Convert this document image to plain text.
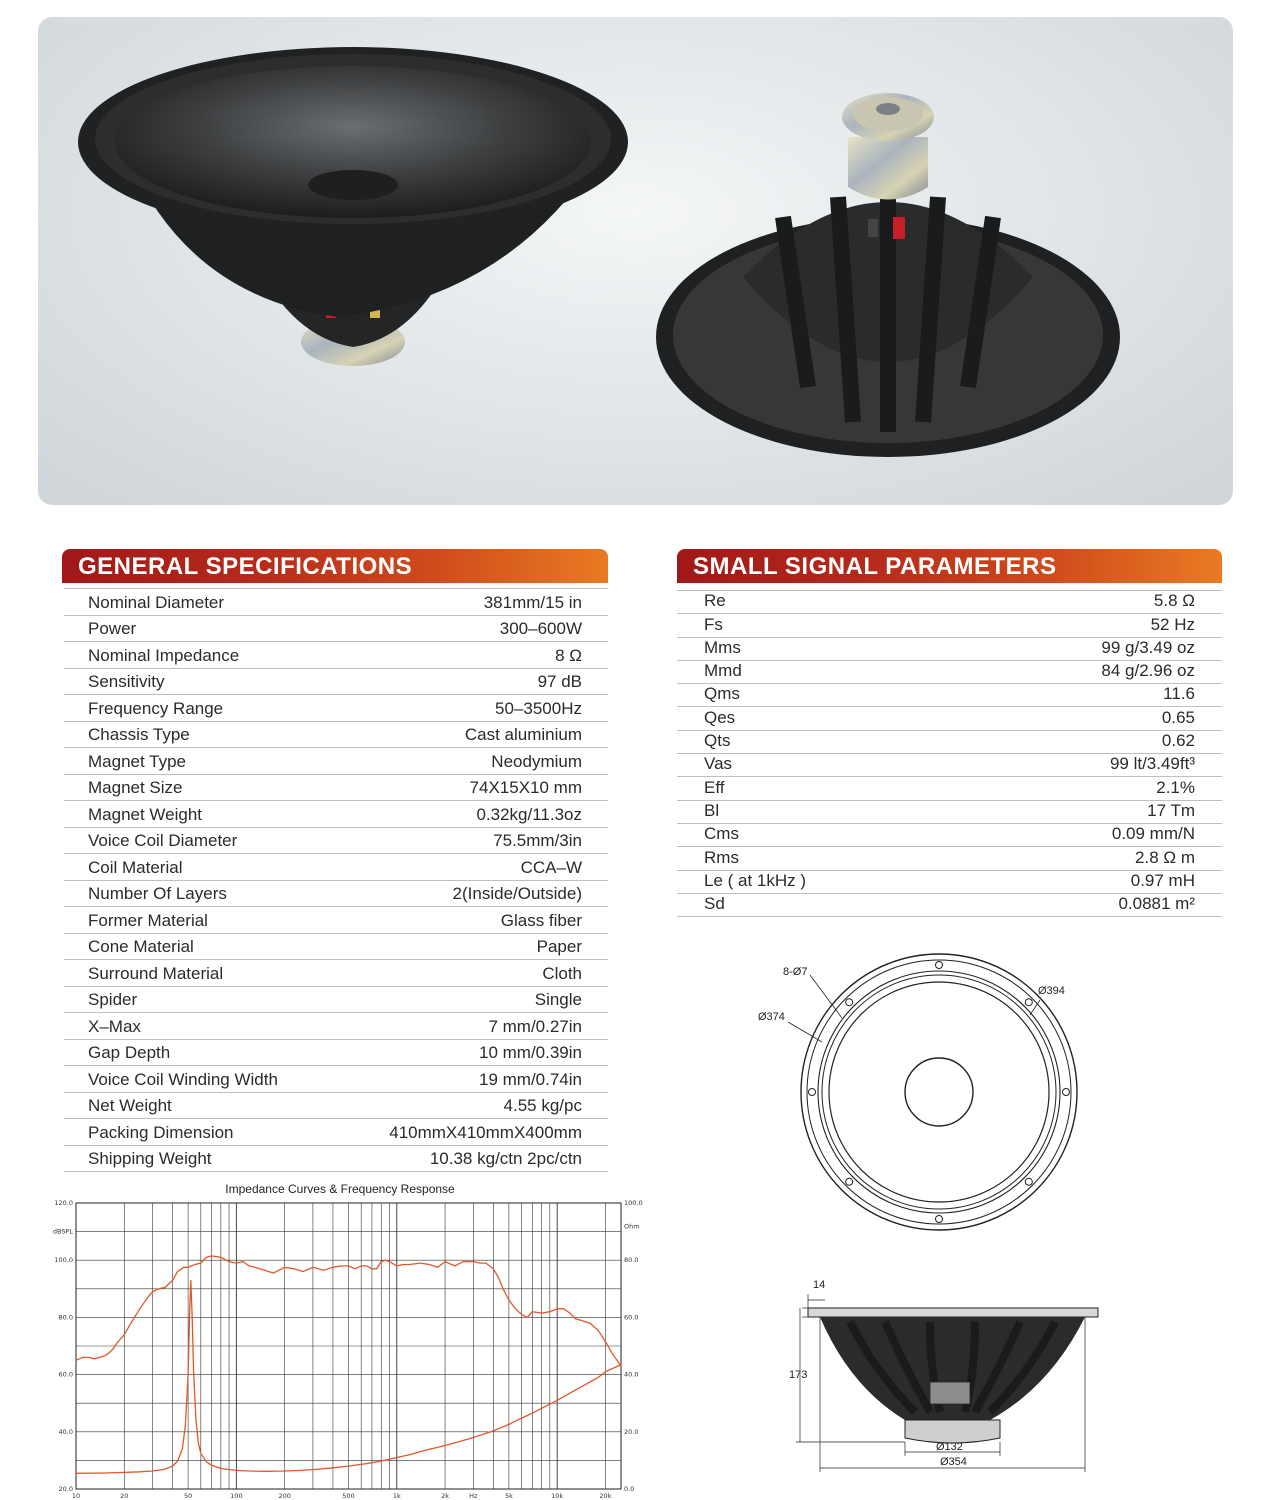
GENERAL SPECIFICATIONS
Nominal Diameter	381mm/15 in
Power	300–600W
Nominal Impedance	8 Ω
Sensitivity	97 dB
Frequency Range	50–3500Hz
Chassis Type	Cast aluminium
Magnet Type	Neodymium
Magnet Size	74X15X10 mm
Magnet Weight	0.32kg/11.3oz
Voice Coil Diameter	75.5mm/3in
Coil Material	CCA–W
Number Of Layers	2(Inside/Outside)
Former Material	Glass fiber
Cone Material	Paper
Surround Material	Cloth
Spider	Single
X–Max	7 mm/0.27in
Gap Depth	10 mm/0.39in
Voice Coil Winding Width	19 mm/0.74in
Net Weight	4.55 kg/pc
Packing Dimension	410mmX410mmX400mm
Shipping Weight	10.38 kg/ctn 2pc/ctn
SMALL SIGNAL PARAMETERS
Re	5.8 Ω
Fs	52 Hz
Mms	99 g/3.49 oz
Mmd	84 g/2.96 oz
Qms	11.6
Qes	0.65
Qts	0.62
Vas	99 lt/3.49ft³
Eff	2.1%
Bl	17 Tm
Cms	0.09 mm/N
Rms	2.8 Ω m
Le ( at 1kHz )	0.97 mH
Sd	0.0881 m²
8-Ø7
Ø394
Ø374
14
173
Ø132
Ø354
Impedance Curves & Frequency Response
20.0
40.0
60.0
80.0
100.0
120.0
0.0
20.0
40.0
60.0
80.0
100.0
dBSPL
Ohm
10	20	50	100	200	500	1k	2k	Hz	5k	10k	20k
